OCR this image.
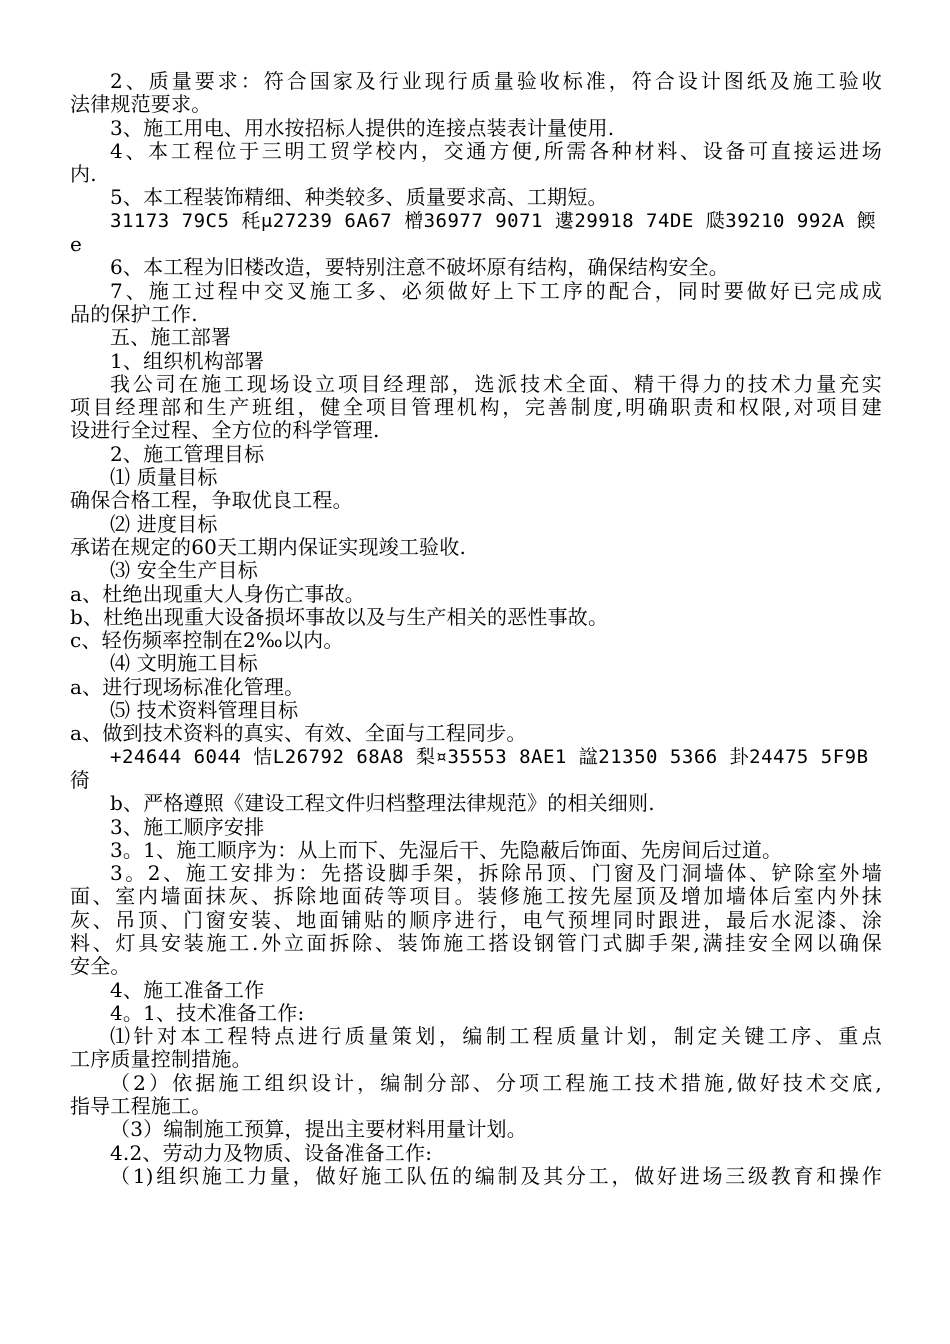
2、质量要求：符合国家及行业现行质量验收标准，符合设计图纸及施工验收
法律规范要求。
3、施工用电、用水按招标人提供的连接点装表计量使用.
4、本工程位于三明工贸学校内，交通方便,所需各种材料、设备可直接运进场
内.
5、本工程装饰精细、种类较多、质量要求高、工期短。
31173 79C5 秏μ27239 6A67 橧36977 9071 遱29918 74DE 瓞39210 992A 餪
e
6、本工程为旧楼改造，要特别注意不破坏原有结构，确保结构安全。
7、施工过程中交叉施工多、必须做好上下工序的配合，同时要做好已完成成
品的保护工作.
五、施工部署
1、组织机构部署
我公司在施工现场设立项目经理部，选派技术全面、精干得力的技术力量充实
项目经理部和生产班组，健全项目管理机构，完善制度,明确职责和权限,对项目建
设进行全过程、全方位的科学管理.
2、施工管理目标
⑴ 质量目标
确保合格工程，争取优良工程。
⑵ 进度目标
承诺在规定的60天工期内保证实现竣工验收.
⑶ 安全生产目标
a、杜绝出现重大人身伤亡事故。
b、杜绝出现重大设备损坏事故以及与生产相关的恶性事故。
c、轻伤频率控制在2‰以内。
⑷ 文明施工目标
a、进行现场标准化管理。
⑸ 技术资料管理目标
a、做到技术资料的真实、有效、全面与工程同步。
+24644 6044 恄L26792 68A8 梨¤35553 8AE1 諡21350 5366 卦24475 5F9B
徛
b、严格遵照《建设工程文件归档整理法律规范》的相关细则.
3、施工顺序安排
3。1、施工顺序为：从上而下、先湿后干、先隐蔽后饰面、先房间后过道。
3。2、施工安排为：先搭设脚手架，拆除吊顶、门窗及门洞墙体、铲除室外墙
面、室内墙面抹灰、拆除地面砖等项目。装修施工按先屋顶及增加墙体后室内外抹
灰、吊顶、门窗安装、地面铺贴的顺序进行，电气预埋同时跟进，最后水泥漆、涂
料、灯具安装施工.外立面拆除、装饰施工搭设钢管门式脚手架,满挂安全网以确保
安全。
4、施工准备工作
4。1、技术准备工作:
⑴针对本工程特点进行质量策划，编制工程质量计划，制定关键工序、重点
工序质量控制措施。
（2）依据施工组织设计，编制分部、分项工程施工技术措施,做好技术交底,
指导工程施工。
（3）编制施工预算，提出主要材料用量计划。
4.2、劳动力及物质、设备准备工作:
（1)组织施工力量，做好施工队伍的编制及其分工，做好进场三级教育和操作
